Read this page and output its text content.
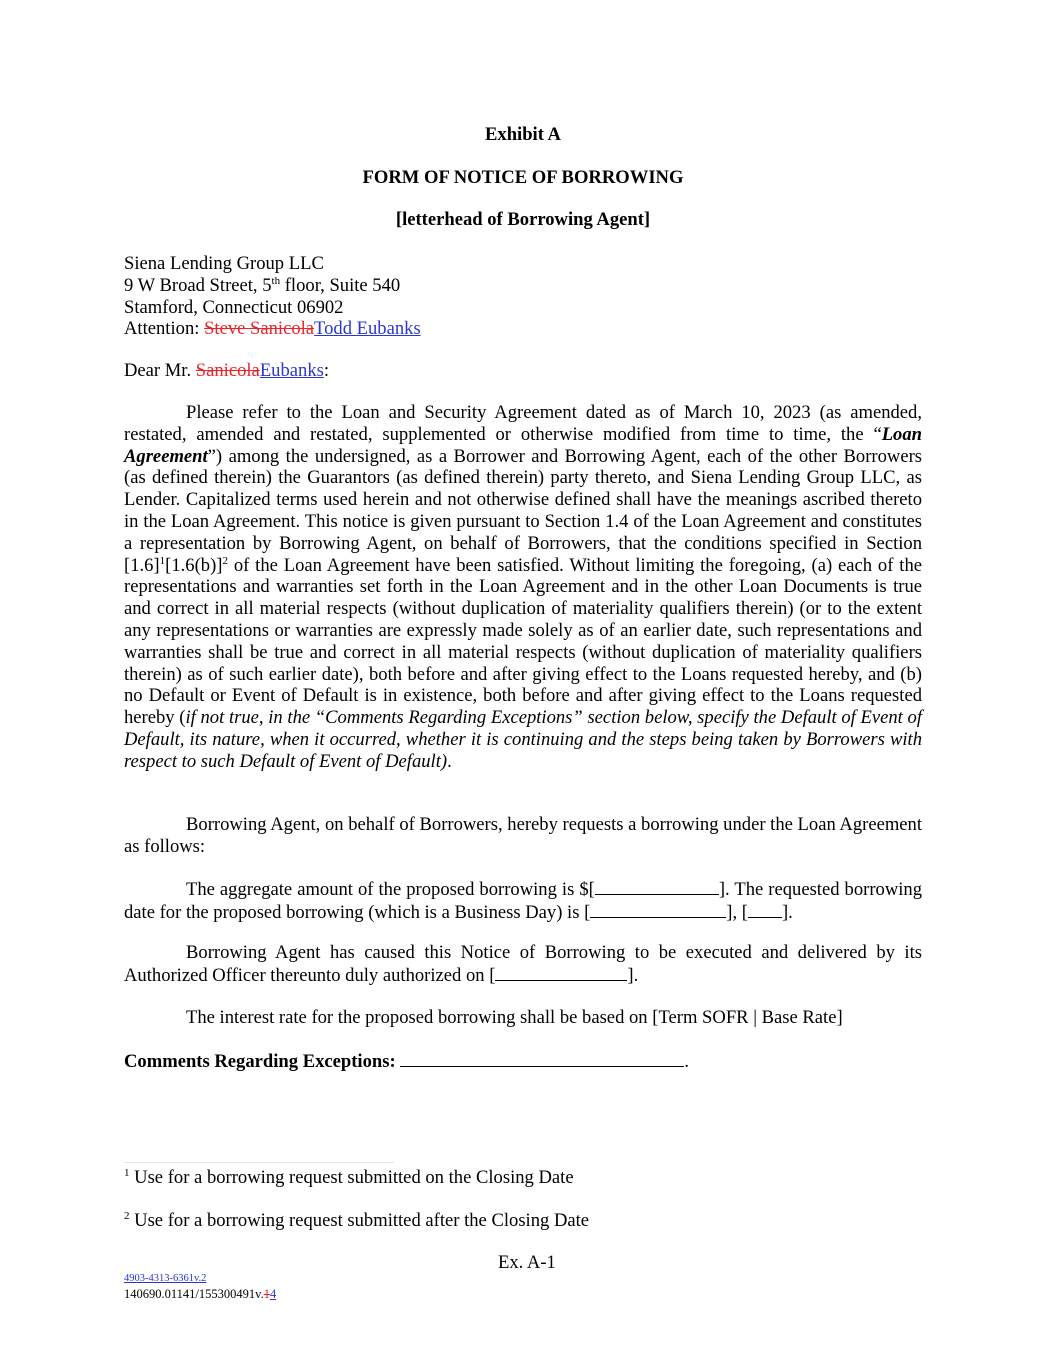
Exhibit A
FORM OF NOTICE OF BORROWING
[letterhead of Borrowing Agent]
Siena Lending Group LLC
9 W Broad Street, 5th floor, Suite 540
Stamford, Connecticut 06902
Attention: Steve SanicolaTodd Eubanks
Dear Mr. SanicolaEubanks:
Please refer to the Loan and Security Agreement dated as of March 10, 2023 (as amended, restated, amended and restated, supplemented or otherwise modified from time to time, the “Loan Agreement”) among the undersigned, as a Borrower and Borrowing Agent, each of the other Borrowers (as defined therein) the Guarantors (as defined therein) party thereto, and Siena Lending Group LLC, as Lender. Capitalized terms used herein and not otherwise defined shall have the meanings ascribed thereto in the Loan Agreement. This notice is given pursuant to Section 1.4 of the Loan Agreement and constitutes a representation by Borrowing Agent, on behalf of Borrowers, that the conditions specified in Section $[1.6]^1[1.6(b)]^2$ of the Loan Agreement have been satisfied. Without limiting the foregoing, (a) each of the representations and warranties set forth in the Loan Agreement and in the other Loan Documents is true and correct in all material respects (without duplication of materiality qualifiers therein) (or to the extent any representations or warranties are expressly made solely as of an earlier date, such representations and warranties shall be true and correct in all material respects (without duplication of materiality qualifiers therein) as of such earlier date), both before and after giving effect to the Loans requested hereby, and (b) no Default or Event of Default is in existence, both before and after giving effect to the Loans requested hereby (if not true, in the “Comments Regarding Exceptions” section below, specify the Default of Event of Default, its nature, when it occurred, whether it is continuing and the steps being taken by Borrowers with respect to such Default of Event of Default).
Borrowing Agent, on behalf of Borrowers, hereby requests a borrowing under the Loan Agreement as follows:
The aggregate amount of the proposed borrowing is $[	]. The requested borrowing date for the proposed borrowing (which is a Business Day) is [	], [ ].
Borrowing Agent has caused this Notice of Borrowing to be executed and delivered by its Authorized Officer thereunto duly authorized on [	].
The interest rate for the proposed borrowing shall be based on [Term SOFR | Base Rate]
Comments Regarding Exceptions:	.
$^1$ Use for a borrowing request submitted on the Closing Date
$^2$ Use for a borrowing request submitted after the Closing Date
Ex. A-1
4903-4313-6361v.2
140690.01141/155300491v.14
